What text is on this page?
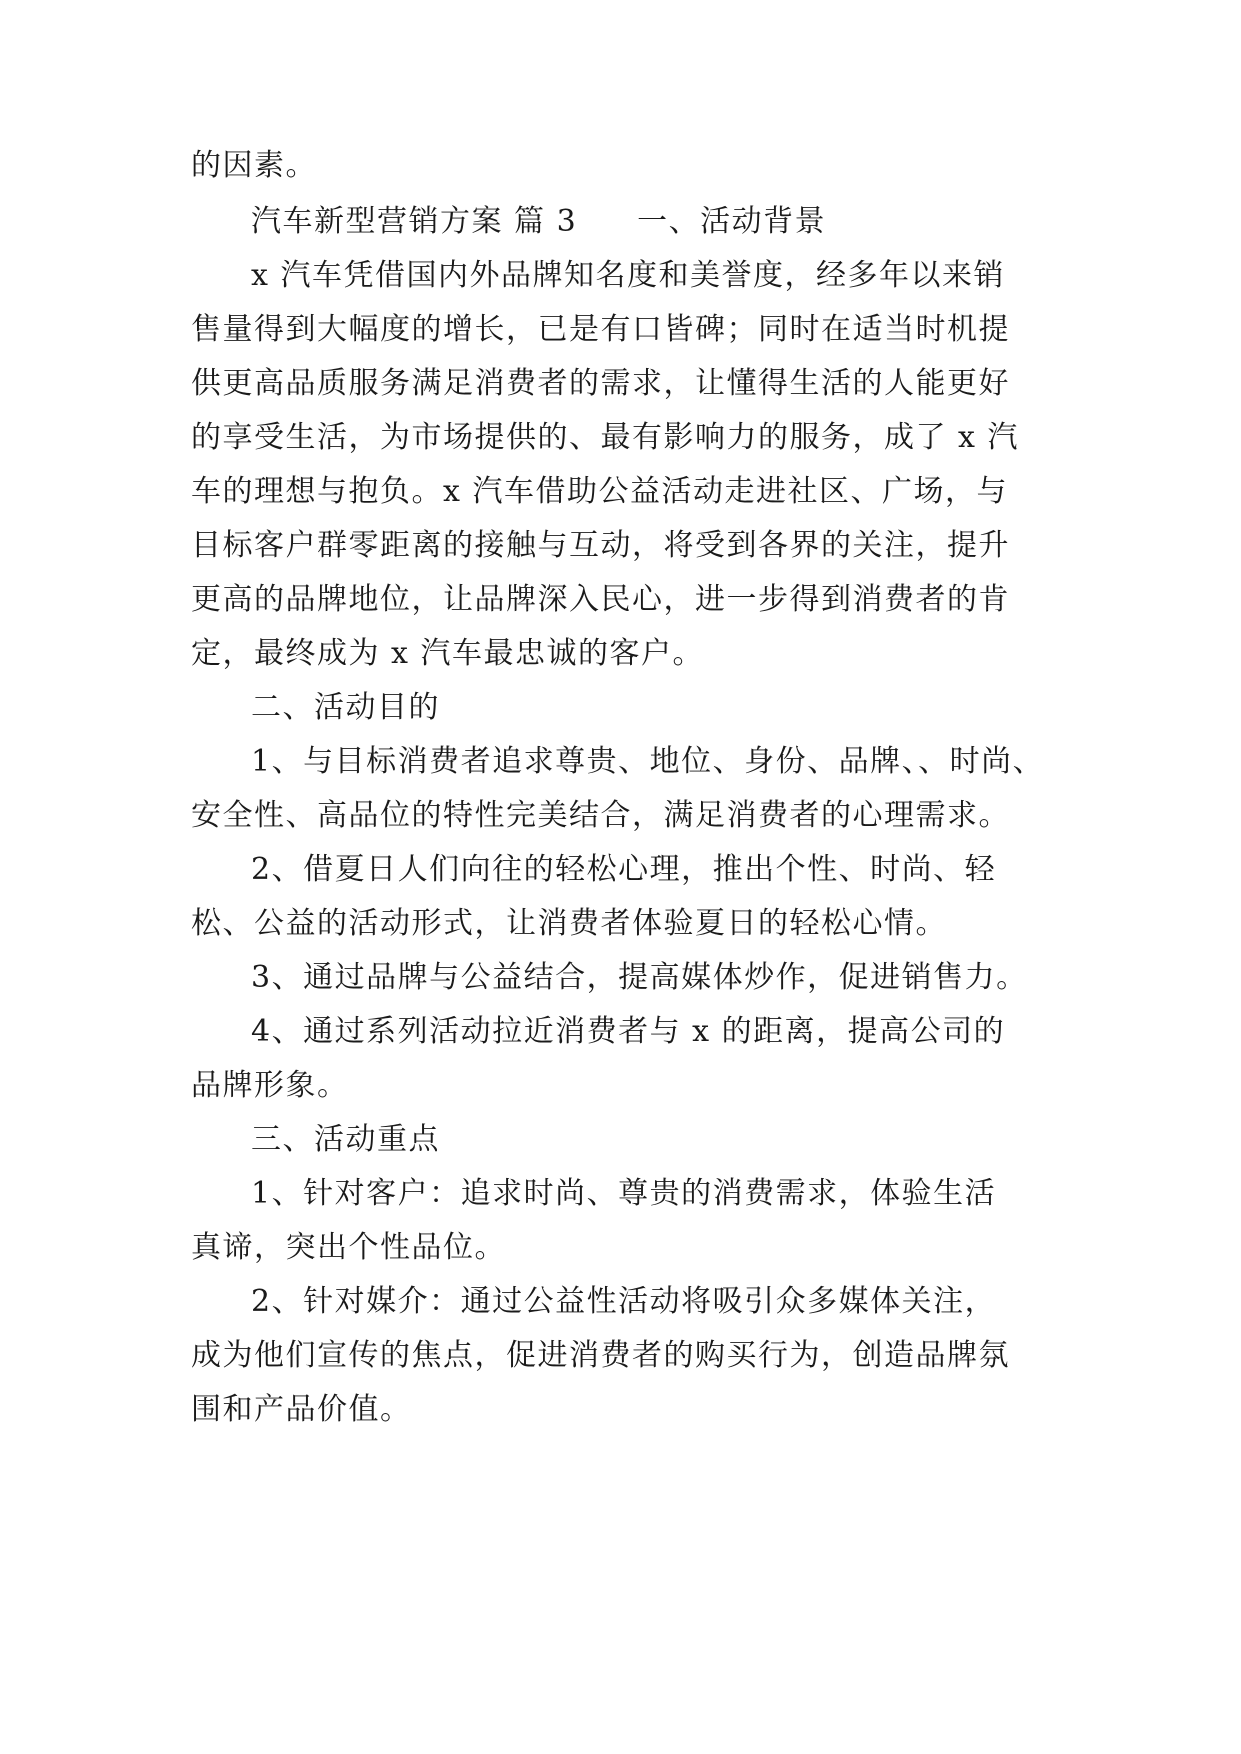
的因素。
汽车新型营销方案 篇 3 一、活动背景
x 汽车凭借国内外品牌知名度和美誉度，经多年以来销
售量得到大幅度的增长，已是有口皆碑；同时在适当时机提
供更高品质服务满足消费者的需求，让懂得生活的人能更好
的享受生活，为市场提供的、最有影响力的服务，成了 x 汽
车的理想与抱负。x 汽车借助公益活动走进社区、广场，与
目标客户群零距离的接触与互动，将受到各界的关注，提升
更高的品牌地位，让品牌深入民心，进一步得到消费者的肯
定，最终成为 x 汽车最忠诚的客户。
二、活动目的
1、与目标消费者追求尊贵、地位、身份、品牌、、时尚、
安全性、高品位的特性完美结合，满足消费者的心理需求。
2、借夏日人们向往的轻松心理，推出个性、时尚、轻
松、公益的活动形式，让消费者体验夏日的轻松心情。
3、通过品牌与公益结合，提高媒体炒作，促进销售力。
4、通过系列活动拉近消费者与 x 的距离，提高公司的
品牌形象。
三、活动重点
1、针对客户：追求时尚、尊贵的消费需求，体验生活
真谛，突出个性品位。
2、针对媒介：通过公益性活动将吸引众多媒体关注，
成为他们宣传的焦点，促进消费者的购买行为，创造品牌氛
围和产品价值。
